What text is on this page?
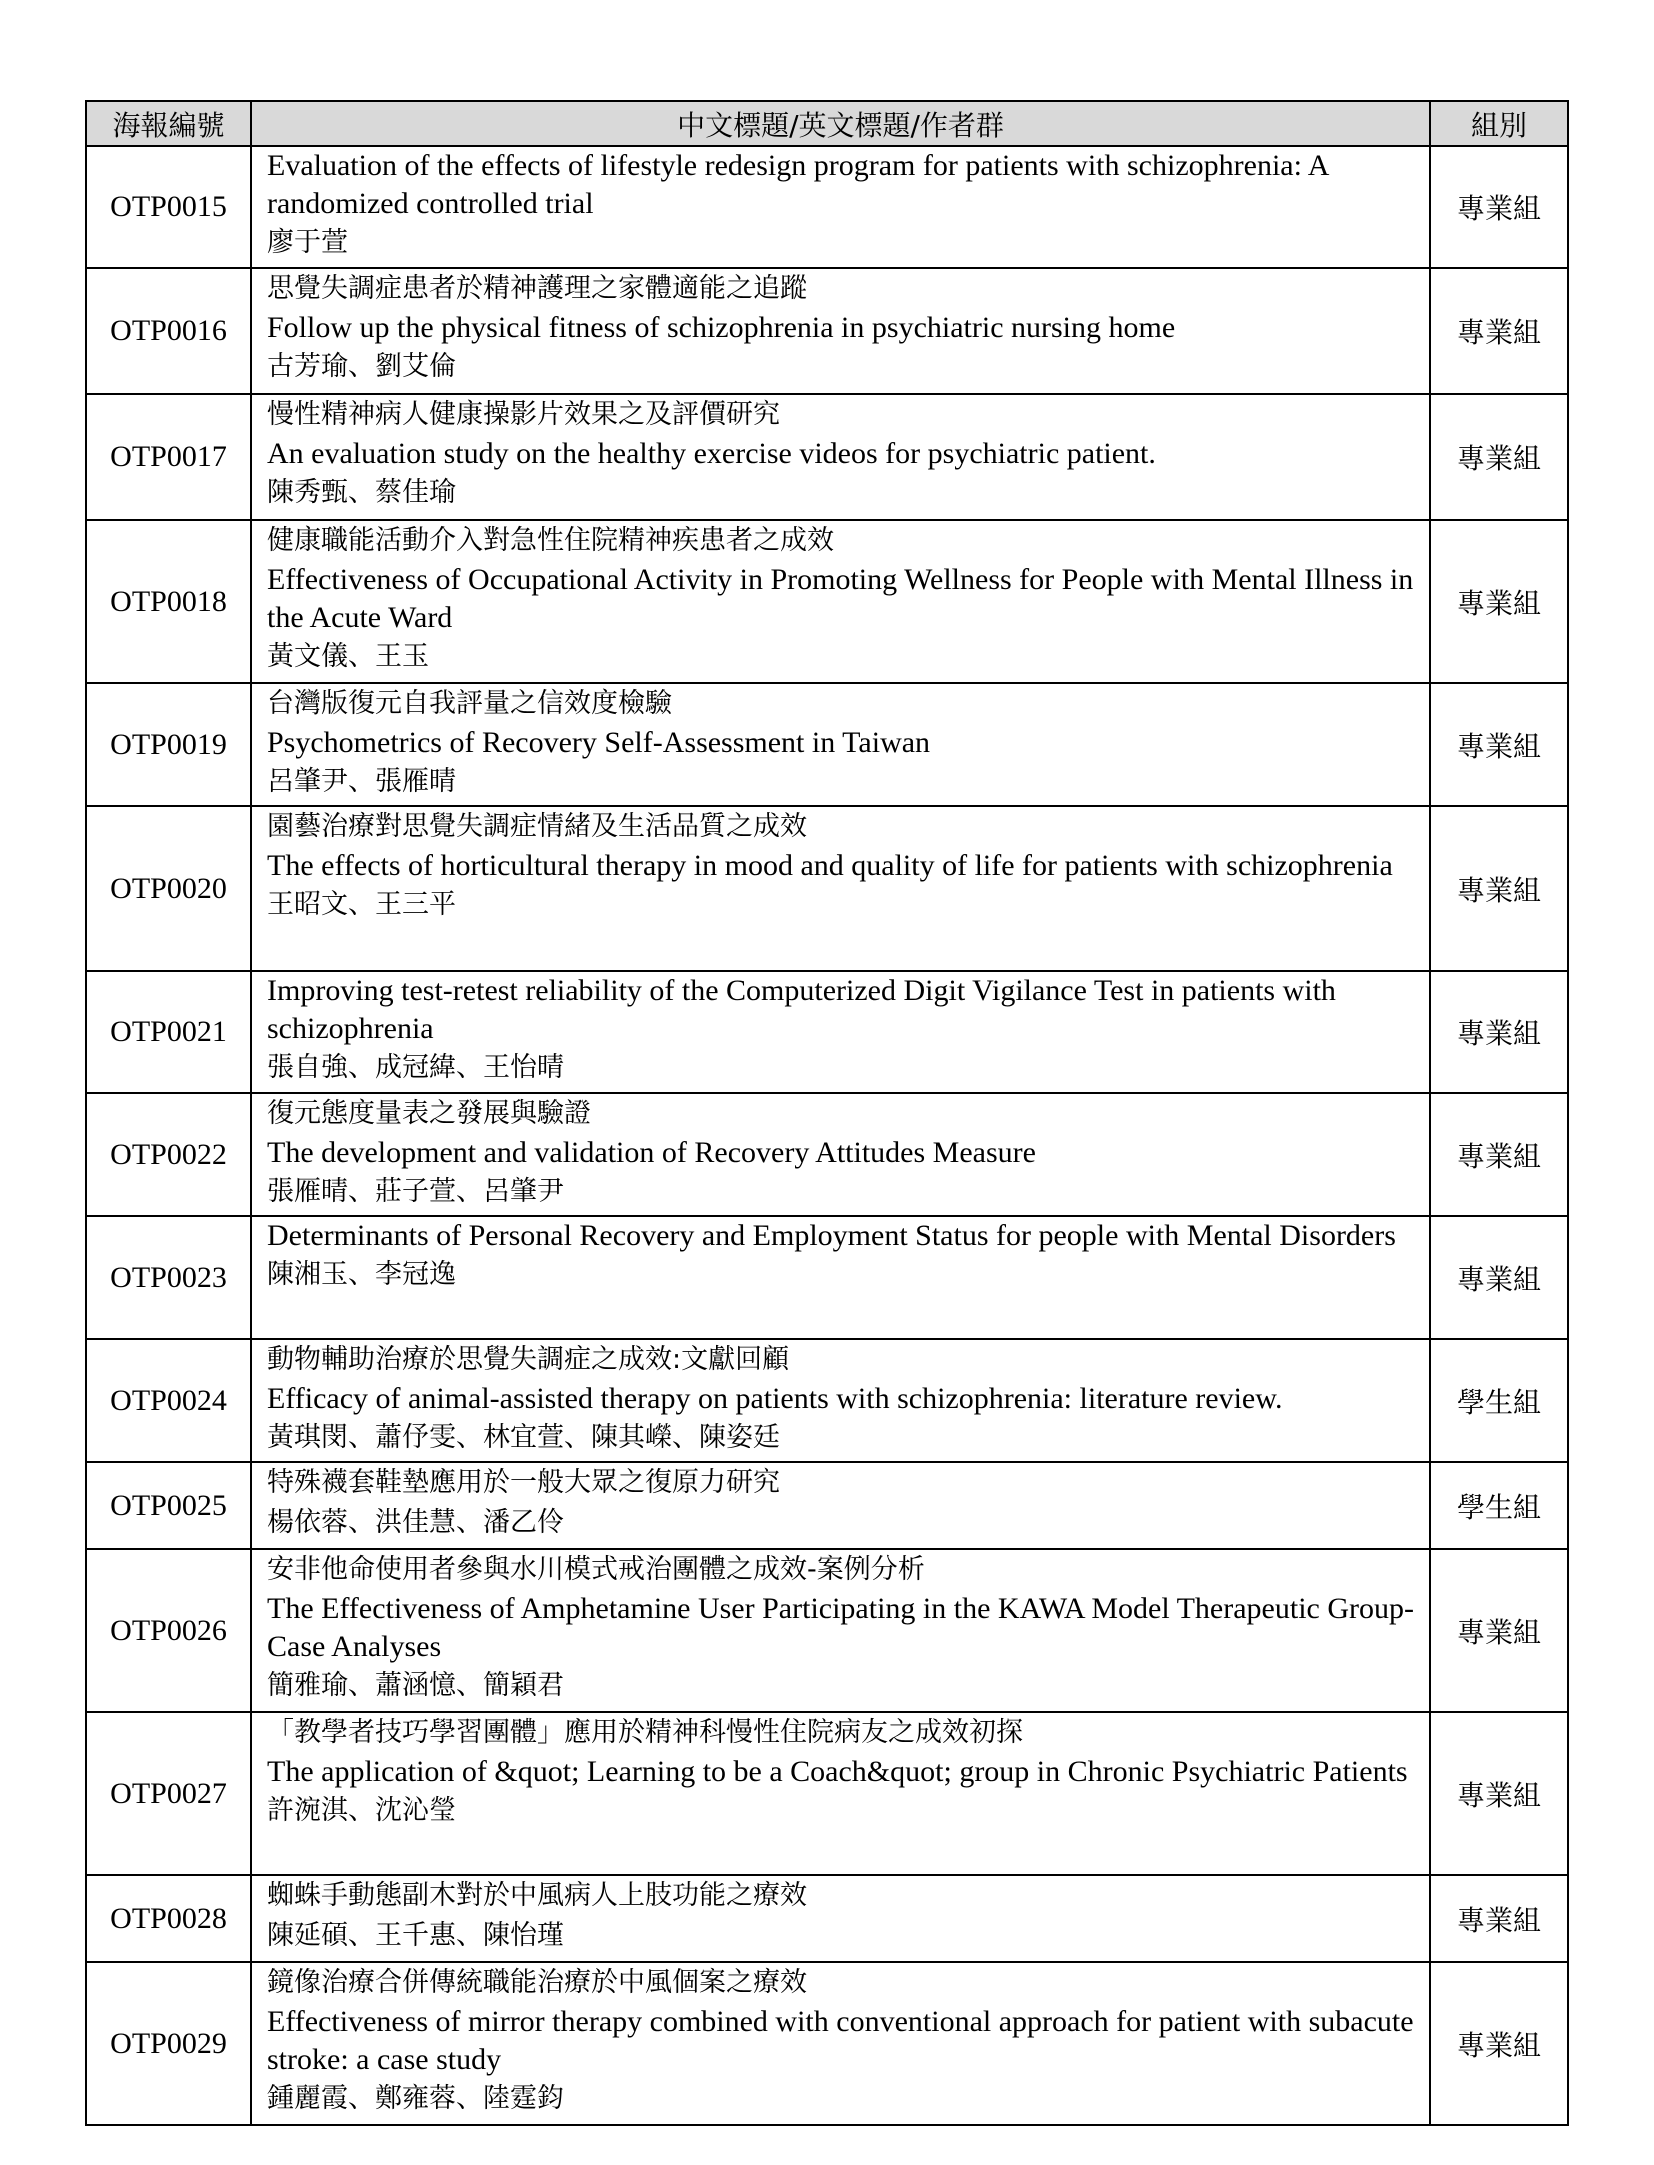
海報編號	中文標題/英文標題/作者群	組別
OTP0015	Evaluation of the effects of lifestyle redesign program for patients with schizophrenia: A randomized controlled trial
廖于萱	專業組
OTP0016	思覺失調症患者於精神護理之家體適能之追蹤
Follow up the physical fitness of schizophrenia in psychiatric nursing home
古芳瑜、劉艾倫	專業組
OTP0017	慢性精神病人健康操影片效果之及評價研究
An evaluation study on the healthy exercise videos for psychiatric patient.
陳秀甄、蔡佳瑜	專業組
OTP0018	健康職能活動介入對急性住院精神疾患者之成效
Effectiveness of Occupational Activity in Promoting Wellness for People with Mental Illness in the Acute Ward
黃文儀、王玉	專業組
OTP0019	台灣版復元自我評量之信效度檢驗
Psychometrics of Recovery Self-Assessment in Taiwan
呂肇尹、張雁晴	專業組
OTP0020	園藝治療對思覺失調症情緒及生活品質之成效
The effects of horticultural therapy in mood and quality of life for patients with schizophrenia
王昭文、王三平	專業組
OTP0021	Improving test-retest reliability of the Computerized Digit Vigilance Test in patients with schizophrenia
張自強、成冠緯、王怡晴	專業組
OTP0022	復元態度量表之發展與驗證
The development and validation of Recovery Attitudes Measure
張雁晴、莊子萱、呂肇尹	專業組
OTP0023	Determinants of Personal Recovery and Employment Status for people with Mental Disorders
陳湘玉、李冠逸	專業組
OTP0024	動物輔助治療於思覺失調症之成效:文獻回顧
Efficacy of animal-assisted therapy on patients with schizophrenia: literature review.
黃琪閔、蕭伃雯、林宜萱、陳其嶸、陳姿廷	學生組
OTP0025	特殊襪套鞋墊應用於一般大眾之復原力研究
楊依蓉、洪佳慧、潘乙伶	學生組
OTP0026	安非他命使用者參與水川模式戒治團體之成效-案例分析
The Effectiveness of Amphetamine User Participating in the KAWA Model Therapeutic Group-Case Analyses
簡雅瑜、蕭涵憶、簡穎君	專業組
OTP0027	「教學者技巧學習團體」應用於精神科慢性住院病友之成效初探
The application of &quot; Learning to be a Coach&quot; group in Chronic Psychiatric Patients
許涴淇、沈沁瑩	專業組
OTP0028	蜘蛛手動態副木對於中風病人上肢功能之療效
陳延碩、王千惠、陳怡瑾	專業組
OTP0029	鏡像治療合併傳統職能治療於中風個案之療效
Effectiveness of mirror therapy combined with conventional approach for patient with subacute stroke: a case study
鍾麗霞、鄭雍蓉、陸霆鈞	專業組
